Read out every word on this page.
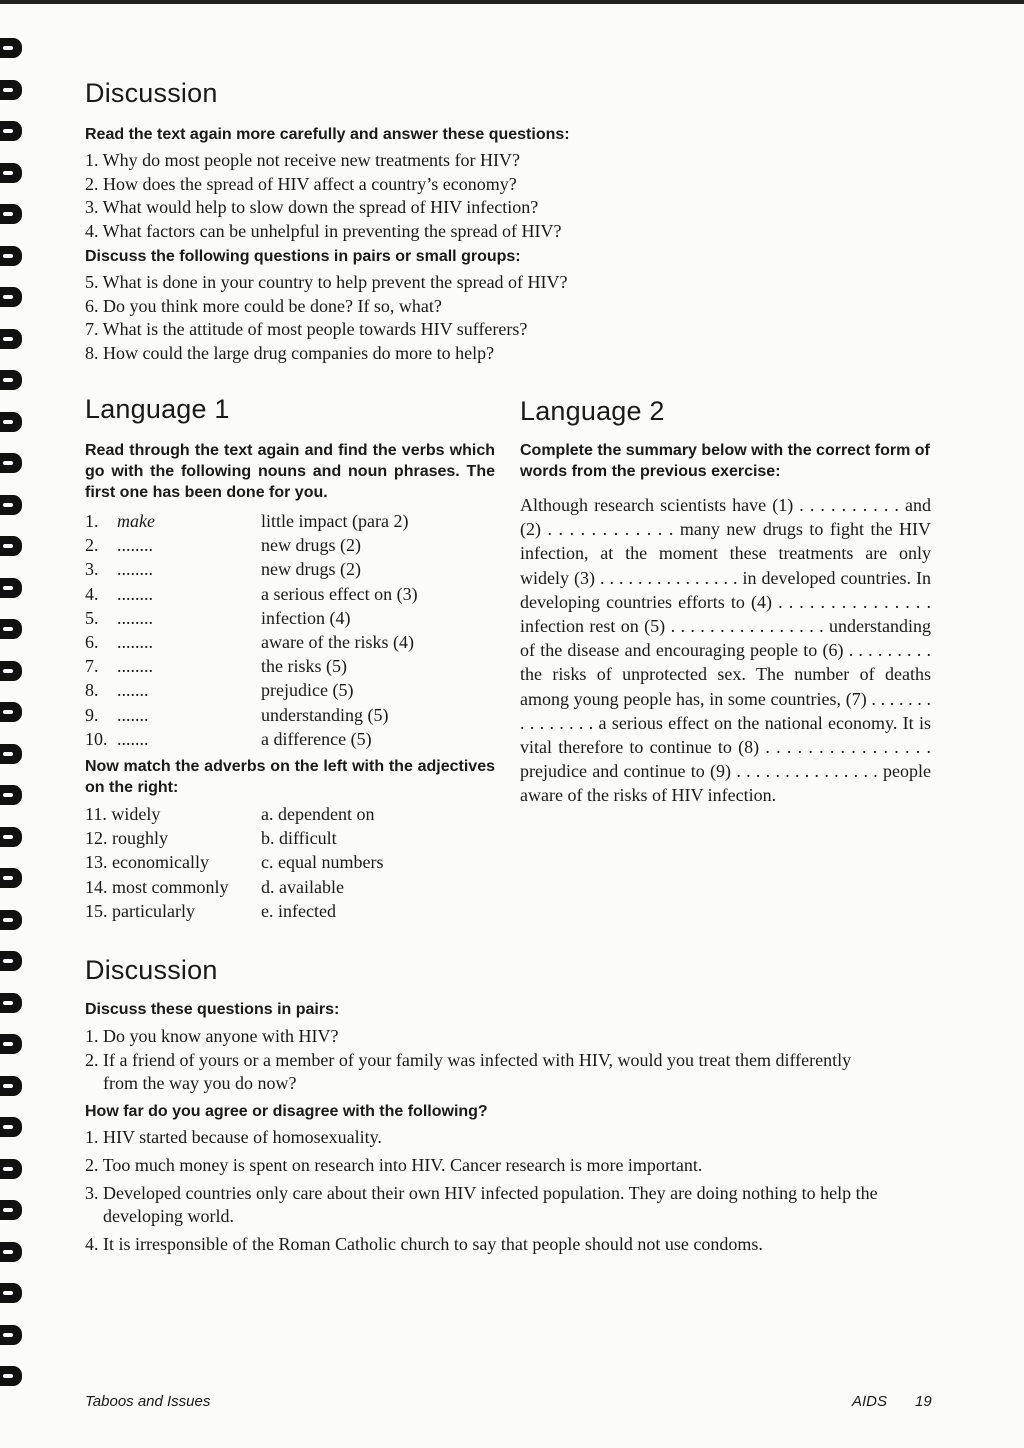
Discussion

Read the text again more carefully and answer these questions:

1. Why do most people not receive new treatments for HIV?
2. How does the spread of HIV affect a country’s economy?
3. What would help to slow down the spread of HIV infection?
4. What factors can be unhelpful in preventing the spread of HIV?

Discuss the following questions in pairs or small groups:

5. What is done in your country to help prevent the spread of HIV?
6. Do you think more could be done? If so, what?
7. What is the attitude of most people towards HIV sufferers?
8. How could the large drug companies do more to help?
Language 1

Read through the text again and find the verbs which go with the following nouns and noun phrases. The first one has been done for you.

1.	make	little impact (para 2)
2.	........	new drugs (2)
3.	........	new drugs (2)
4.	........	a serious effect on (3)
5.	........	infection (4)
6.	........	aware of the risks (4)
7.	........	the risks (5)
8.	.......	prejudice (5)
9.	.......	understanding (5)
10. .......	a difference (5)

Now match the adverbs on the left with the adjectives on the right:

11. widely	a. dependent on
12. roughly	b. difficult
13. economically	c. equal numbers
14. most commonly	d. available
15. particularly	e. infected
Language 2

Complete the summary below with the correct form of words from the previous exercise:

Although research scientists have (1) . . . . . . . . . . and (2) . . . . . . . . . . . . many new drugs to fight the HIV infection, at the moment these treatments are only widely (3) . . . . . . . . . . . . . . . in developed countries. In developing countries efforts to (4) . . . . . . . . . . . . . . . infection rest on (5) . . . . . . . . . . . . . . . . understanding of the disease and encouraging people to (6) . . . . . . . . . the risks of unprotected sex. The number of deaths among young people has, in some countries, (7) . . . . . . . . . . . . . . . a serious effect on the national economy. It is vital therefore to continue to (8) . . . . . . . . . . . . . . . . prejudice and continue to (9) . . . . . . . . . . . . . . . people aware of the risks of HIV infection.

Discussion

Discuss these questions in pairs:

1. Do you know anyone with HIV?
2. If a friend of yours or a member of your family was infected with HIV, would you treat them differently from the way you do now?

How far do you agree or disagree with the following?

1. HIV started because of homosexuality.
2. Too much money is spent on research into HIV. Cancer research is more important.
3. Developed countries only care about their own HIV infected population. They are doing nothing to help the developing world.
4. It is irresponsible of the Roman Catholic church to say that people should not use condoms.
Taboos and Issues	AIDS 19
